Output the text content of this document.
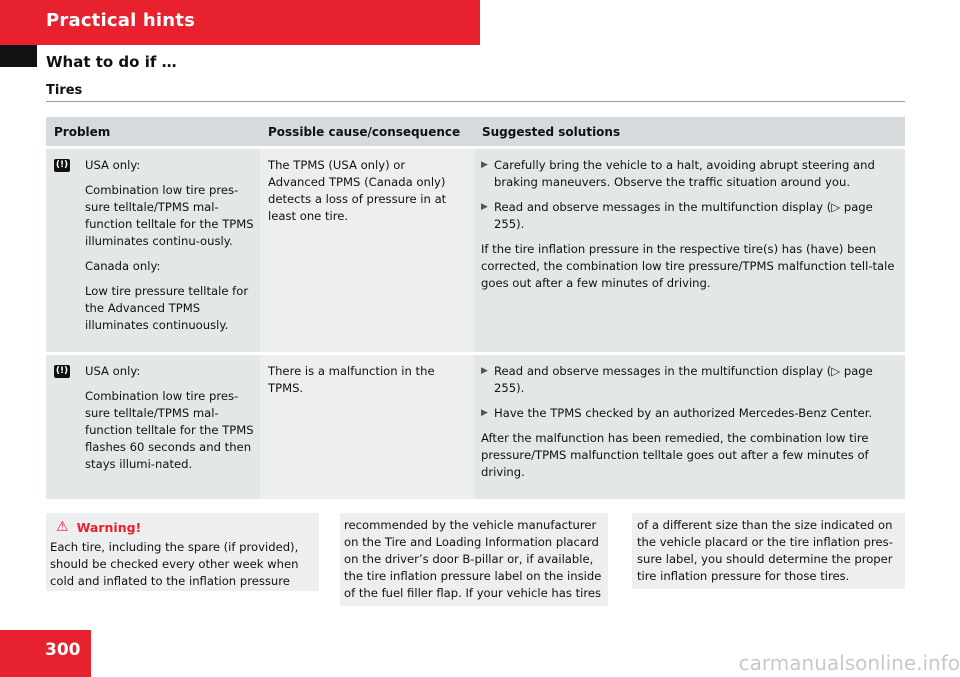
Practical hints
What to do if …
Tires
Problem	Possible cause/consequence	Suggested solutions
(!) USA only:

Combination low tire pres-sure telltale/TPMS mal-function telltale for the TPMS illuminates continu-ously.

Canada only:

Low tire pressure telltale for the Advanced TPMS illuminates continuously.

The TPMS (USA only) or Advanced TPMS (Canada only) detects a loss of pressure in at least one tire.
▶ Carefully bring the vehicle to a halt, avoiding abrupt steering and braking maneuvers. Observe the traffic situation around you.
▶ Read and observe messages in the multifunction display (▷ page 255).

If the tire inflation pressure in the respective tire(s) has (have) been corrected, the combination low tire pressure/TPMS malfunction tell-tale goes out after a few minutes of driving.

(!) USA only:

Combination low tire pres-sure telltale/TPMS mal-function telltale for the TPMS flashes 60 seconds and then stays illumi-nated.

There is a malfunction in the TPMS.
▶ Read and observe messages in the multifunction display (▷ page 255).
▶ Have the TPMS checked by an authorized Mercedes-Benz Center.

After the malfunction has been remedied, the combination low tire pressure/TPMS malfunction telltale goes out after a few minutes of driving.

⚠ Warning!
Each tire, including the spare (if provided), should be checked every other week when cold and inflated to the inflation pressure
recommended by the vehicle manufacturer on the Tire and Loading Information placard on the driver’s door B-pillar or, if available, the tire inflation pressure label on the inside of the fuel filler flap. If your vehicle has tires
of a different size than the size indicated on the vehicle placard or the tire inflation pres-sure label, you should determine the proper tire inflation pressure for those tires.
300
carmanualsonline.info
